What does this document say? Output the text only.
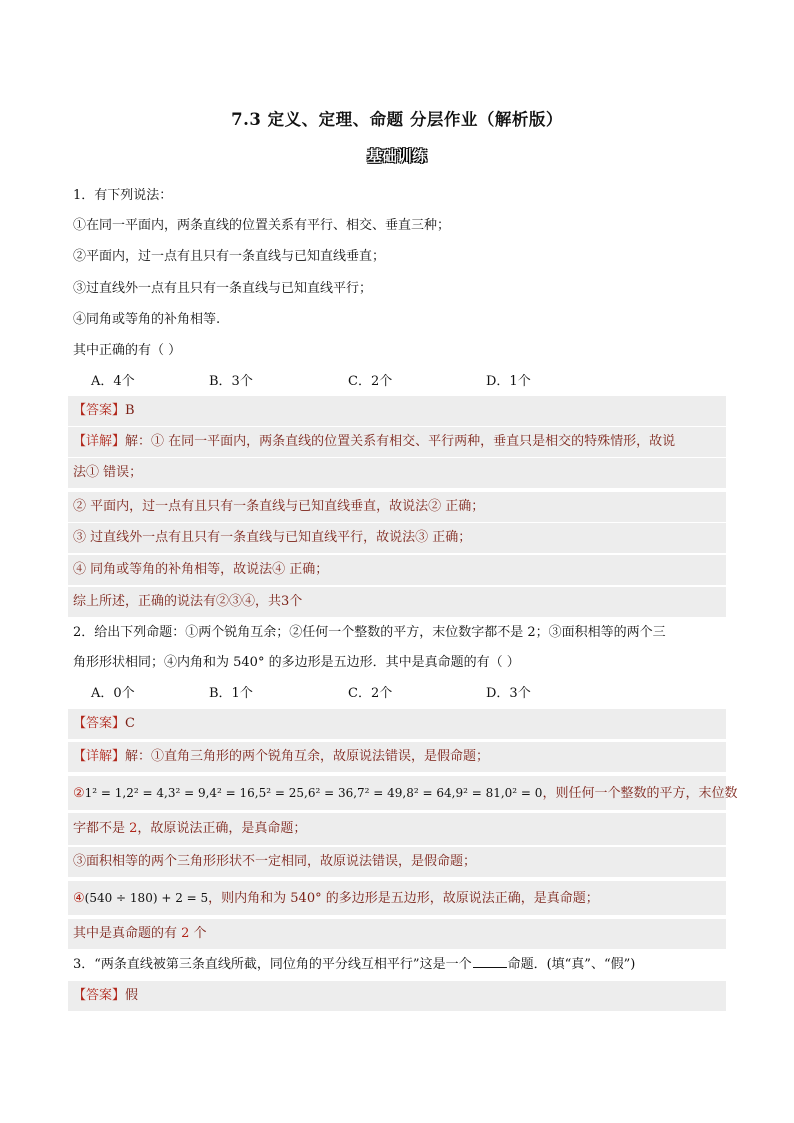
7.3 定义、定理、命题 分层作业（解析版）
基础训练
1．有下列说法：
①在同一平面内，两条直线的位置关系有平行、相交、垂直三种；
②平面内，过一点有且只有一条直线与已知直线垂直；
③过直线外一点有且只有一条直线与已知直线平行；
④同角或等角的补角相等.
其中正确的有（ ）
A．4个	B．3个	C．2个	D．1个
【答案】B
【详解】解：① 在同一平面内，两条直线的位置关系有相交、平行两种，垂直只是相交的特殊情形，故说
法① 错误；
② 平面内，过一点有且只有一条直线与已知直线垂直，故说法② 正确；
③ 过直线外一点有且只有一条直线与已知直线平行，故说法③ 正确；
④ 同角或等角的补角相等，故说法④ 正确；
综上所述，正确的说法有②③④，共3个
2．给出下列命题：①两个锐角互余；②任何一个整数的平方，末位数字都不是 2；③面积相等的两个三
角形形状相同；④内角和为 540° 的多边形是五边形．其中是真命题的有（ ）
A．0个	B．1个	C．2个	D．3个
【答案】C
【详解】解：①直角三角形的两个锐角互余，故原说法错误，是假命题；
②1² = 1,2² = 4,3² = 9,4² = 16,5² = 25,6² = 36,7² = 49,8² = 64,9² = 81,0² = 0，则任何一个整数的平方，末位数
字都不是 2，故原说法正确，是真命题；
③面积相等的两个三角形形状不一定相同，故原说法错误，是假命题；
④(540 ÷ 180) + 2 = 5，则内角和为 540° 的多边形是五边形，故原说法正确，是真命题；
其中是真命题的有 2 个
3．“两条直线被第三条直线所截，同位角的平分线互相平行”这是一个	命题．(填“真”、“假”)
【答案】假
